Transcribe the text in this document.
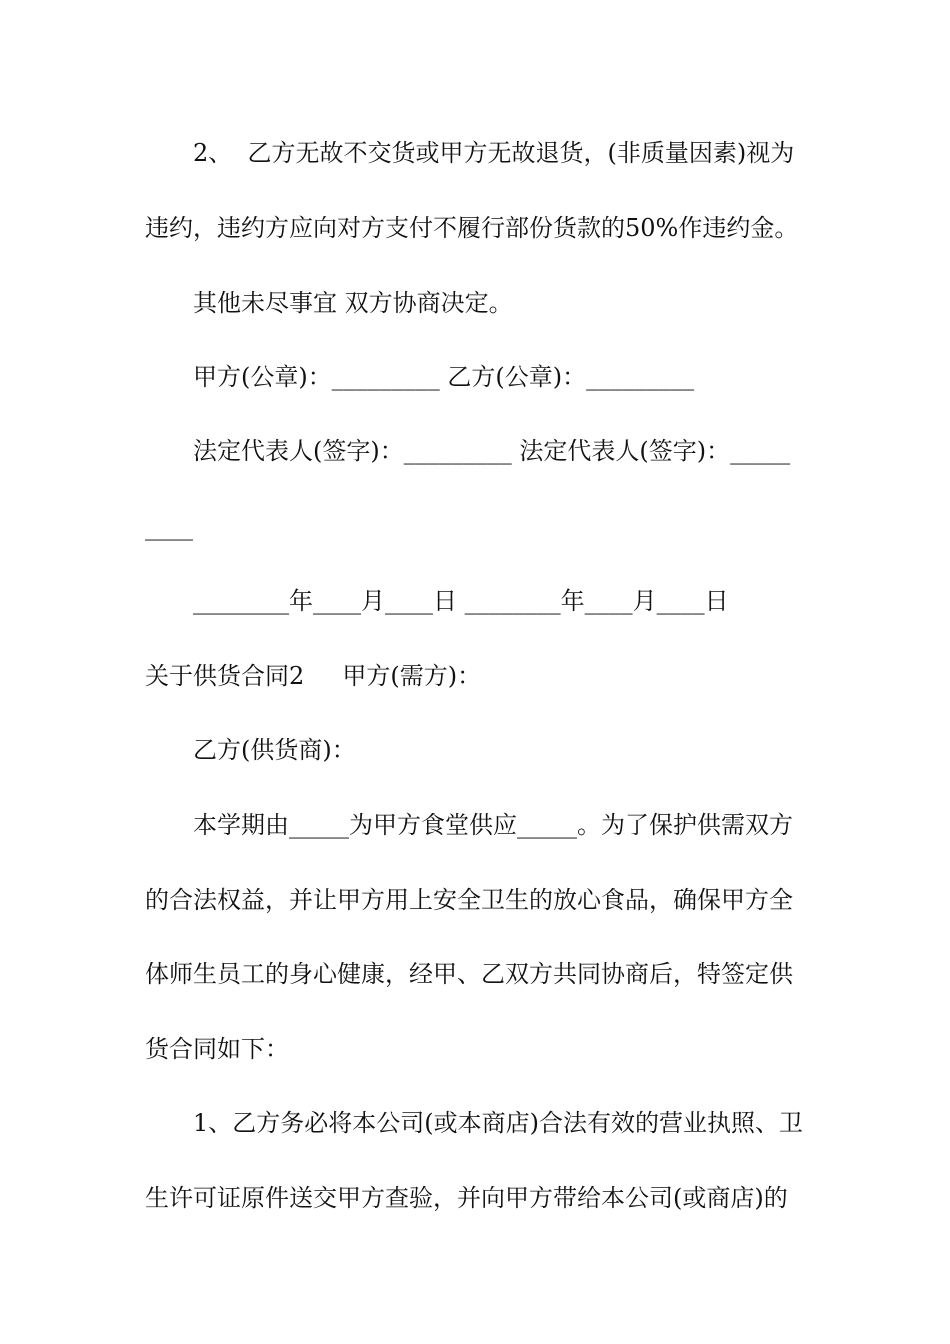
2、  乙方无故不交货或甲方无故退货，(非质量因素)视为
违约，违约方应向对方支付不履行部份货款的50%作违约金。
其他未尽事宜 双方协商决定。
甲方(公章)：_________ 乙方(公章)：_________
法定代表人(签字)：_________ 法定代表人(签字)：_____
____
________年____月____日 ________年____月____日
关于供货合同2     甲方(需方)：
乙方(供货商)：
本学期由_____为甲方食堂供应_____。为了保护供需双方
的合法权益，并让甲方用上安全卫生的放心食品，确保甲方全
体师生员工的身心健康，经甲、乙双方共同协商后，特签定供
货合同如下：
1、乙方务必将本公司(或本商店)合法有效的营业执照、卫
生许可证原件送交甲方查验，并向甲方带给本公司(或商店)的
